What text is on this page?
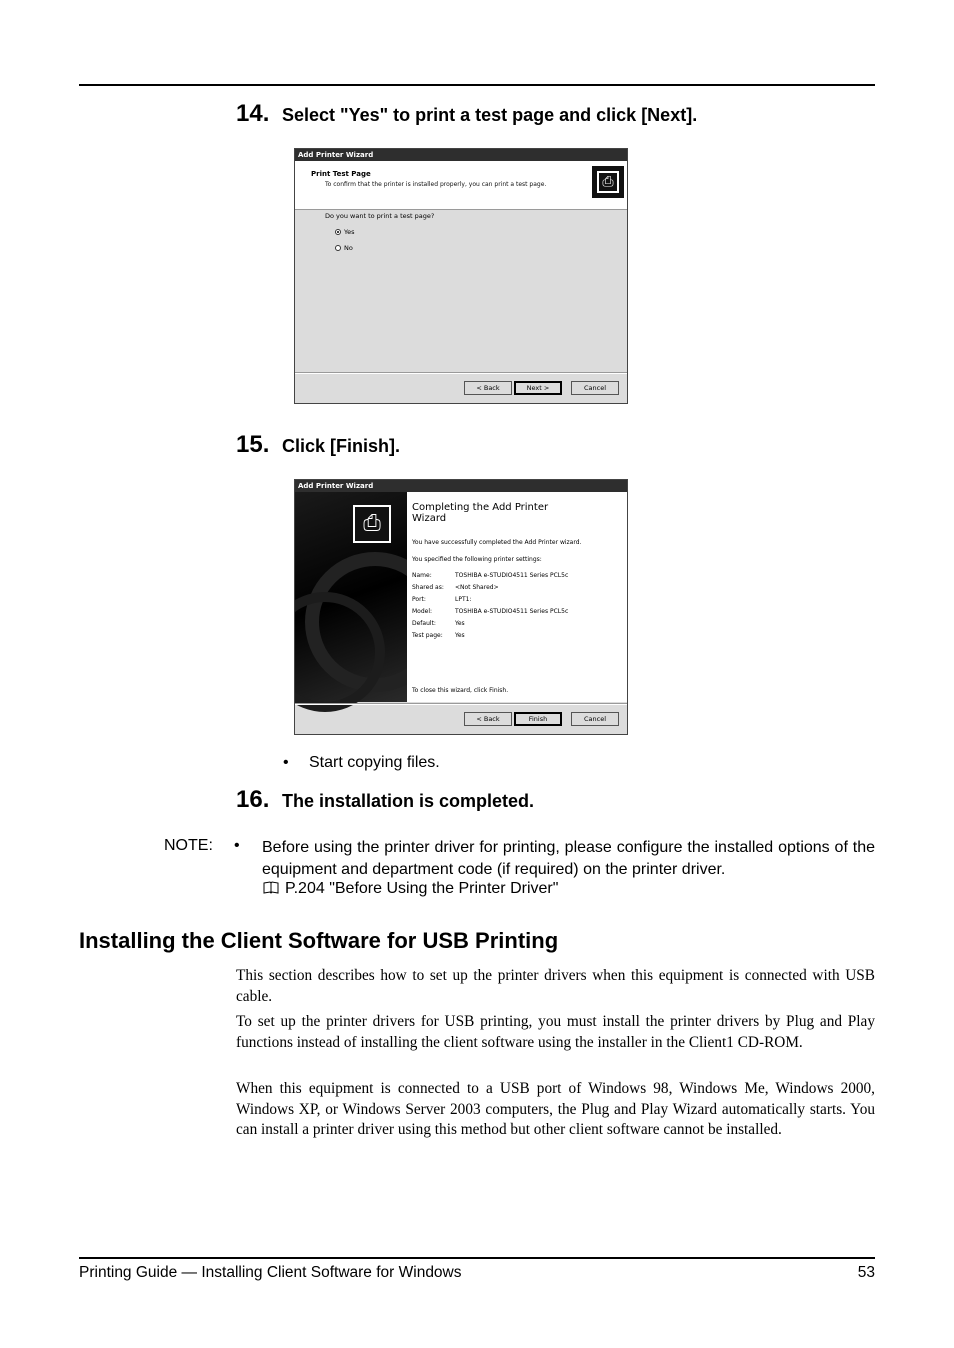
14. Select "Yes" to print a test page and click [Next].
Add Printer Wizard
Print Test Page
To confirm that the printer is installed properly, you can print a test page.	⎙
Do you want to print a test page?
Yes
No
< Back	Next >	Cancel
15. Click [Finish].
Add Printer Wizard
⎙
Completing the Add Printer Wizard
You have successfully completed the Add Printer wizard.
You specified the following printer settings:
Name:	TOSHIBA e-STUDIO4511 Series PCL5c
Shared as:	<Not Shared>
Port:	LPT1:
Model:	TOSHIBA e-STUDIO4511 Series PCL5c
Default:	Yes
Test page:	Yes
To close this wizard, click Finish.
< Back	Finish	Cancel
•	Start copying files.
16. The installation is completed.
NOTE: • Before using the printer driver for printing, please configure the installed options of the equipment and department code (if required) on the printer driver.
P.204 "Before Using the Printer Driver"
Installing the Client Software for USB Printing
This section describes how to set up the printer drivers when this equipment is connected with USB cable.
To set up the printer drivers for USB printing, you must install the printer drivers by Plug and Play functions instead of installing the client software using the installer in the Client1 CD-ROM.
When this equipment is connected to a USB port of Windows 98, Windows Me, Windows 2000, Windows XP, or Windows Server 2003 computers, the Plug and Play Wizard automatically starts. You can install a printer driver using this method but other client software cannot be installed.
Printing Guide — Installing Client Software for Windows	53
